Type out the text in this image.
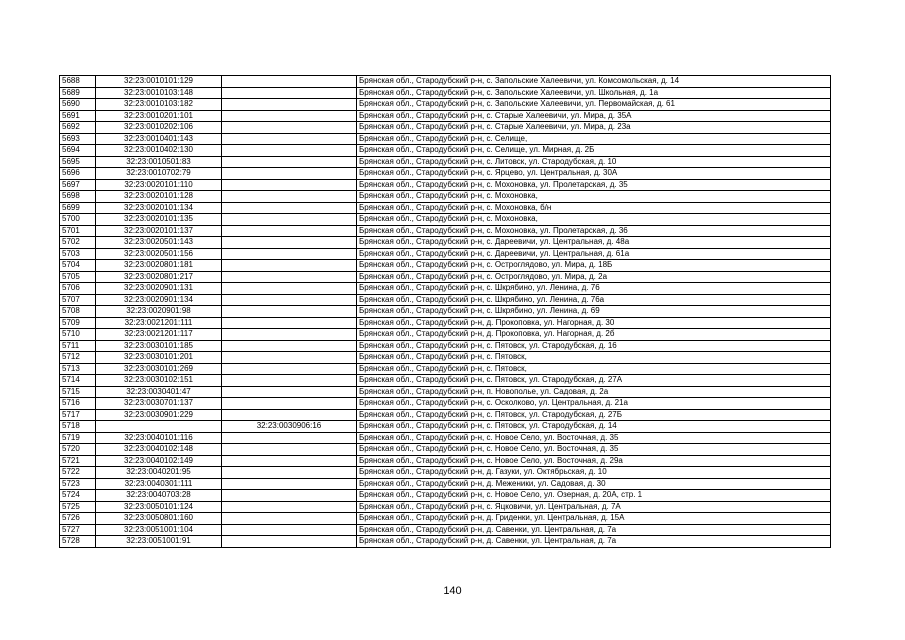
5688	32:23:0010101:129		Брянская обл., Стародубский р-н, с. Запольские Халеевичи, ул. Комсомольская, д. 14
5689	32:23:0010103:148		Брянская обл., Стародубский р-н, с. Запольские Халеевичи, ул. Школьная, д. 1а
5690	32:23:0010103:182		Брянская обл., Стародубский р-н, с. Запольские Халеевичи, ул. Первомайская, д. 61
5691	32:23:0010201:101		Брянская обл., Стародубский р-н, с. Старые Халеевичи, ул. Мира, д. 35А
5692	32:23:0010202:106		Брянская обл., Стародубский р-н, с. Старые Халеевичи, ул. Мира, д. 23а
5693	32:23:0010401:143		Брянская обл., Стародубский р-н, с. Селище,
5694	32:23:0010402:130		Брянская обл., Стародубский р-н, с. Селище, ул. Мирная, д. 2Б
5695	32:23:0010501:83		Брянская обл., Стародубский р-н, с. Литовск, ул. Стародубская, д. 10
5696	32:23:0010702:79		Брянская обл., Стародубский р-н, с. Ярцево, ул. Центральная, д. 30А
5697	32:23:0020101:110		Брянская обл., Стародубский р-н, с. Мохоновка, ул. Пролетарская, д. 35
5698	32:23:0020101:128		Брянская обл., Стародубский р-н, с. Мохоновка,
5699	32:23:0020101:134		Брянская обл., Стародубский р-н, с. Мохоновка, б/н
5700	32:23:0020101:135		Брянская обл., Стародубский р-н, с. Мохоновка,
5701	32:23:0020101:137		Брянская обл., Стародубский р-н, с. Мохоновка, ул. Пролетарская, д. 36
5702	32:23:0020501:143		Брянская обл., Стародубский р-н, с. Дареевичи, ул. Центральная, д. 48а
5703	32:23:0020501:156		Брянская обл., Стародубский р-н, с. Дареевичи, ул. Центральная, д. 61а
5704	32:23:0020801:181		Брянская обл., Стародубский р-н, с. Остроглядово, ул. Мира, д. 18Б
5705	32:23:0020801:217		Брянская обл., Стародубский р-н, с. Остроглядово, ул. Мира, д. 2а
5706	32:23:0020901:131		Брянская обл., Стародубский р-н, с. Шкрябино, ул. Ленина, д. 76
5707	32:23:0020901:134		Брянская обл., Стародубский р-н, с. Шкрябино, ул. Ленина, д. 76а
5708	32:23:0020901:98		Брянская обл., Стародубский р-н, с. Шкрябино, ул. Ленина, д. 69
5709	32:23:0021201:111		Брянская обл., Стародубский р-н, д. Прокоповка, ул. Нагорная, д. 30
5710	32:23:0021201:117		Брянская обл., Стародубский р-н, д. Прокоповка, ул. Нагорная, д. 2б
5711	32:23:0030101:185		Брянская обл., Стародубский р-н, с. Пятовск, ул. Стародубская, д. 16
5712	32:23:0030101:201		Брянская обл., Стародубский р-н, с. Пятовск,
5713	32:23:0030101:269		Брянская обл., Стародубский р-н, с. Пятовск,
5714	32:23:0030102:151		Брянская обл., Стародубский р-н, с. Пятовск, ул. Стародубская, д. 27А
5715	32:23:0030401:47		Брянская обл., Стародубский р-н, п. Новополье, ул. Садовая, д. 2а
5716	32:23:0030701:137		Брянская обл., Стародубский р-н, с. Осколково, ул. Центральная, д. 21а
5717	32:23:0030901:229		Брянская обл., Стародубский р-н, с. Пятовск, ул. Стародубская, д. 27Б
5718		32:23:0030906:16	Брянская обл., Стародубский р-н, с. Пятовск, ул. Стародубская, д. 14
5719	32:23:0040101:116		Брянская обл., Стародубский р-н, с. Новое Село, ул. Восточная, д. 35
5720	32:23:0040102:148		Брянская обл., Стародубский р-н, с. Новое Село, ул. Восточная, д. 35
5721	32:23:0040102:149		Брянская обл., Стародубский р-н, с. Новое Село, ул. Восточная, д. 29а
5722	32:23:0040201:95		Брянская обл., Стародубский р-н, д. Газуки, ул. Октябрьская, д. 10
5723	32:23:0040301:111		Брянская обл., Стародубский р-н, д. Меженики, ул. Садовая, д. 30
5724	32:23:0040703:28		Брянская обл., Стародубский р-н, с. Новое Село, ул. Озерная, д. 20А, стр. 1
5725	32:23:0050101:124		Брянская обл., Стародубский р-н, с. Яцковичи, ул. Центральная, д. 7А
5726	32:23:0050801:160		Брянская обл., Стародубский р-н, д. Гриденки, ул. Центральная, д. 15А
5727	32:23:0051001:104		Брянская обл., Стародубский р-н, д. Савенки, ул. Центральная, д. 7а
5728	32:23:0051001:91		Брянская обл., Стародубский р-н, д. Савенки, ул. Центральная, д. 7а
140
